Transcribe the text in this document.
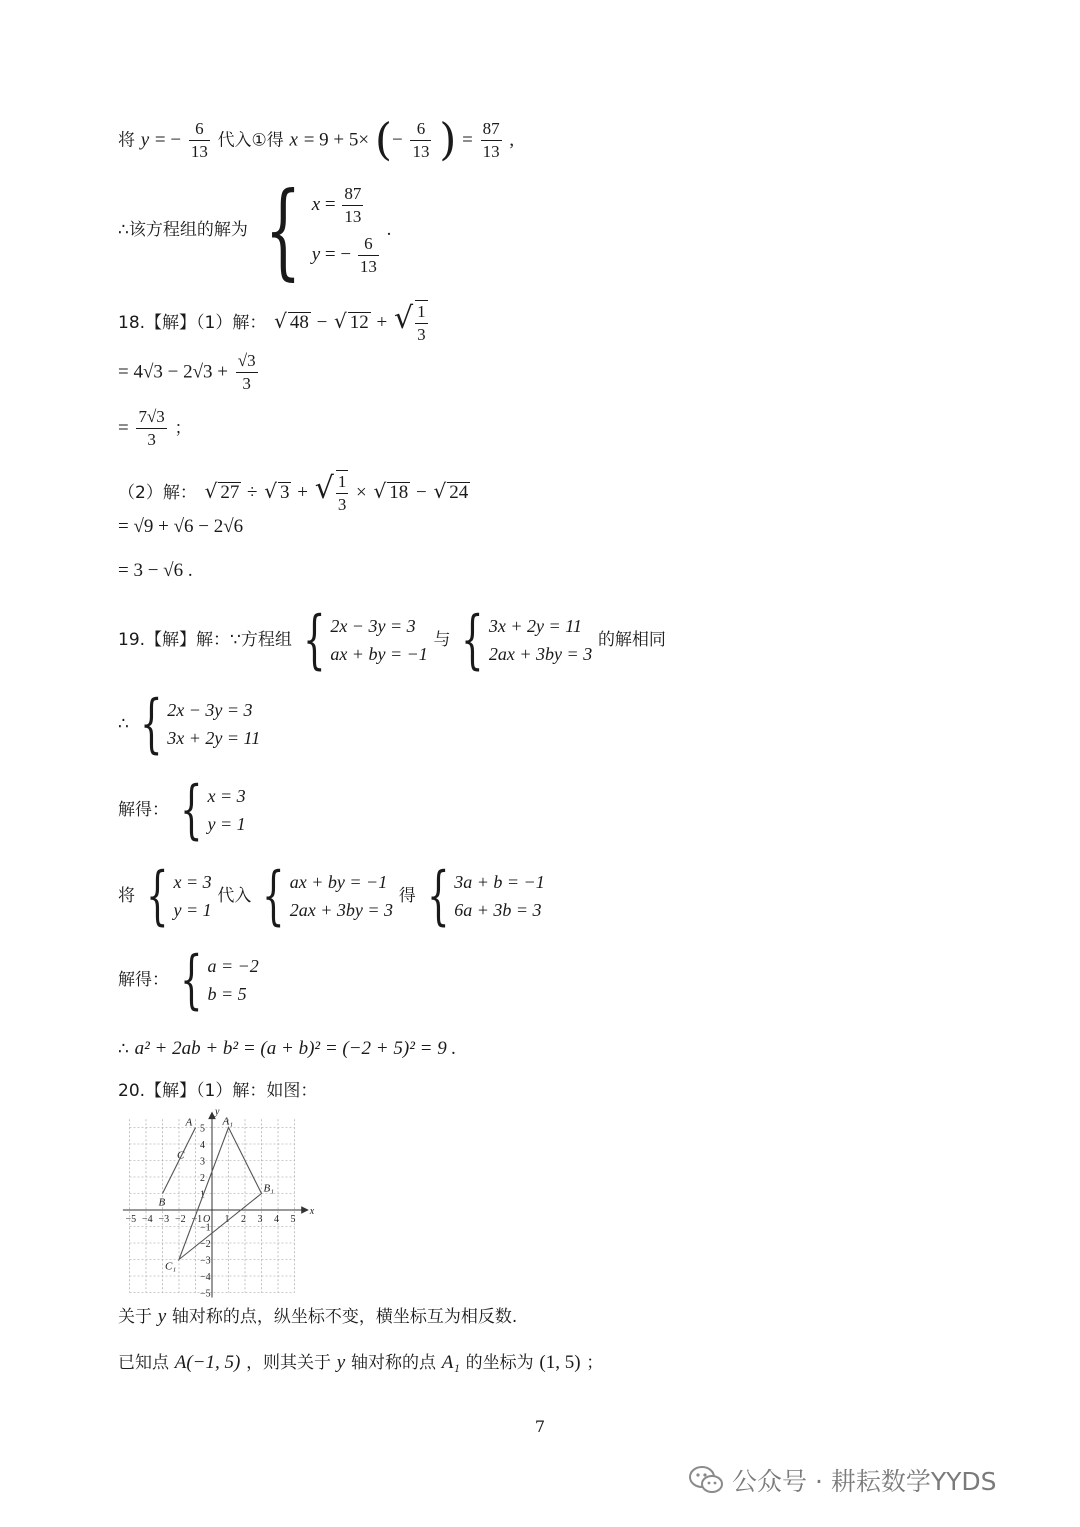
将 y = − $\frac{6}{13}$ 代入①得 x = 9 + 5× (− $\frac{6}{13}$ ) = $\frac{87}{13}$ ,
∴该方程组的解为 { $x = \frac{87}{13}$
y = − $\frac{6}{13}$
.
18.【解】（1）解： √ 48 − √ 12 + √ $\frac{1}{3}$
= $4√3 - 2√3 + \frac{√3}{3}$
= $\frac{7√3}{3}$ ；
（2）解： √ 27 ÷ √ 3 + √ $\frac{1}{3}$ × √ 18 − √ 24
= √9 + √6 − 2√6
= 3 − √6 .
19.【解】解：∵方程组 { 2x − 3y = 3
ax + by = −1
与 { 3x + 2y = 11
2ax + 3by = 3
的解相同
∴ { 2x − 3y = 3
3x + 2y = 11
解得： { x = 3
y = 1
将 { x = 3
y = 1
代入 { ax + by = −1
2ax + 3by = 3
得 { 3a + b = −1
6a + 3b = 3
解得： { a = −2
b = 5
∴ a² + 2ab + b² = (a + b)² = (−2 + 5)² = 9 .
20.【解】（1）解：如图：
−5 −4 −3 −2 −1 1 2 3 4 5
5
4
3
2
1
−1
−2
−3
−4
−5
O
x
y
A
B
C
A₁
B₁
C₁
关于 y 轴对称的点，纵坐标不变，横坐标互为相反数.
已知点 A(−1, 5) ，则其关于 y 轴对称的点 A₁ 的坐标为 (1, 5) ；
7
公众号 · 耕耘数学YYDS
